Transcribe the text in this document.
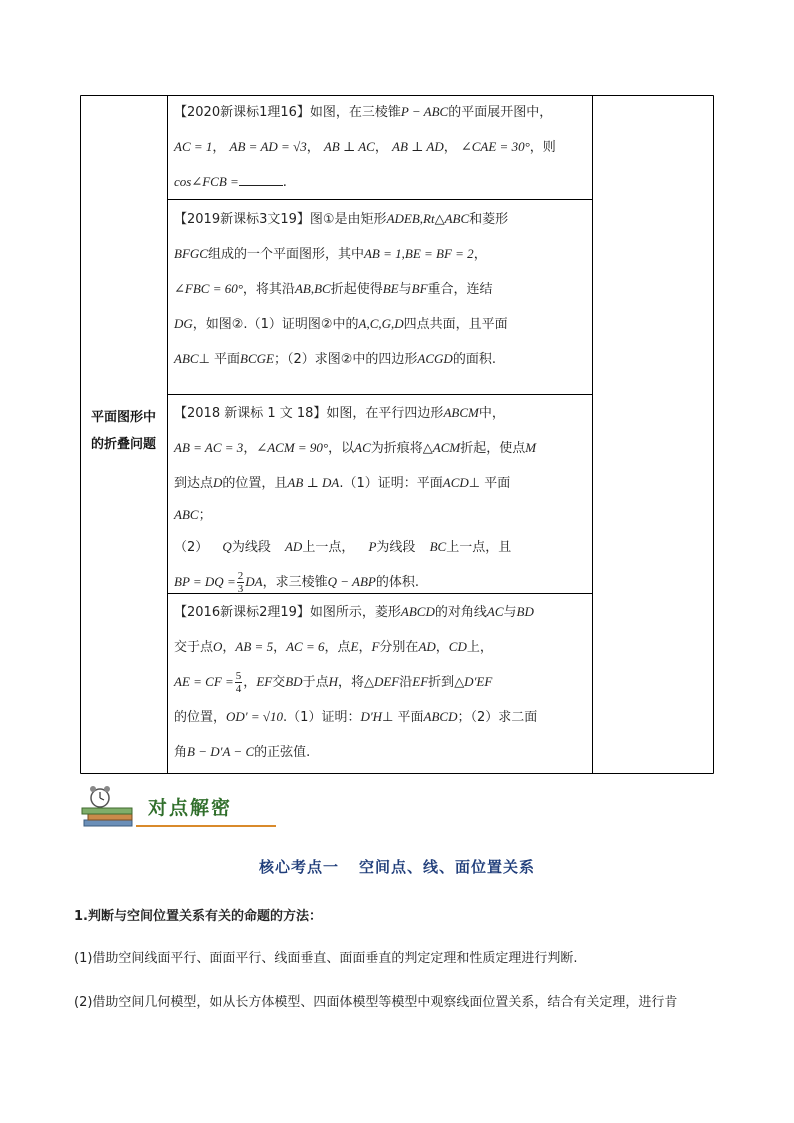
平面图形中
的折叠问题
【2020新课标1理16】如图，在三棱锥P − ABC的平面展开图中，
AC = 1， AB = AD = √3， AB ⊥ AC， AB ⊥ AD， ∠CAE = 30°，则
cos∠FCB =	.
【2019新课标3文19】图①是由矩形ADEB,Rt△ABC和菱形
BFGC组成的一个平面图形，其中AB = 1,BE = BF = 2，
∠FBC = 60°，将其沿AB,BC折起使得BE与BF重合，连结
DG，如图②.（1）证明图②中的A,C,G,D四点共面，且平面
ABC⊥ 平面BCGE；（2）求图②中的四边形ACGD的面积.
【2018 新课标 1 文 18】如图，在平行四边形ABCM中，
AB = AC = 3，∠ACM = 90°，以AC为折痕将△ACM折起，使点M
到达点D的位置，且AB ⊥ DA.（1）证明：平面ACD⊥ 平面
ABC；
（2） Q为线段 AD上一点， P为线段 BC上一点，且
BP = DQ = $\frac{2}{3}$ DA，求三棱锥Q − ABP的体积.
【2016新课标2理19】如图所示，菱形ABCD的对角线AC与BD
交于点O，AB = 5，AC = 6，点E，F分别在AD，CD上，
AE = CF = $\frac{5}{4}$ ，EF交BD于点H，将△DEF沿EF折到△D′EF
的位置，OD′ = √10.（1）证明：D′H⊥ 平面ABCD；（2）求二面
角B − D′A − C的正弦值.
对点解密
核心考点一 空间点、线、面位置关系
1.判断与空间位置关系有关的命题的方法：
(1)借助空间线面平行、面面平行、线面垂直、面面垂直的判定定理和性质定理进行判断.
(2)借助空间几何模型，如从长方体模型、四面体模型等模型中观察线面位置关系，结合有关定理，进行肯
